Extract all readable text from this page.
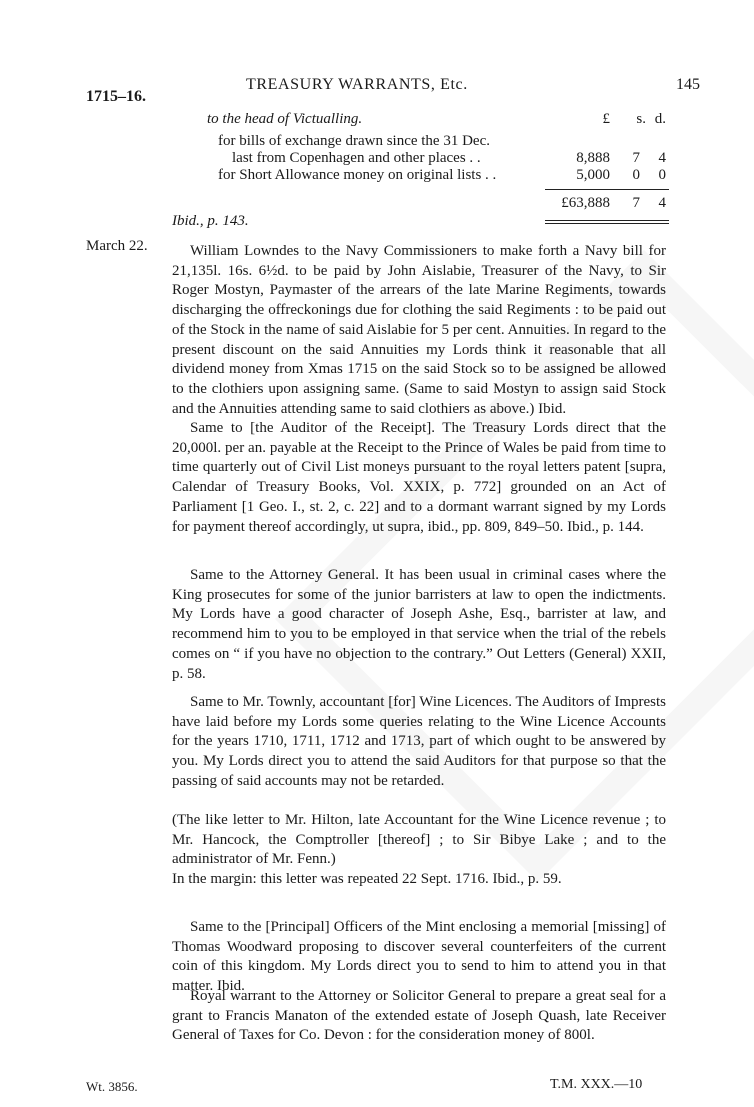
1715–16.
TREASURY WARRANTS, Etc.	145
to the head of Victualling.	£	s. d.
for bills of exchange drawn since the 31 Dec.
last from Copenhagen and other places . .	8,888	7	4
for Short Allowance money on original lists . .	5,000	0	0
£63,888	7	4
Ibid., p. 143.
March 22.	William Lowndes to the Navy Commissioners to make forth a Navy bill for 21,135l. 16s. 6½d. to be paid by John Aislabie, Treasurer of the Navy, to Sir Roger Mostyn, Paymaster of the arrears of the late Marine Regiments, towards discharging the offreckonings due for clothing the said Regiments : to be paid out of the Stock in the name of said Aislabie for 5 per cent. Annuities. In regard to the present discount on the said Annuities my Lords think it reasonable that all dividend money from Xmas 1715 on the said Stock so to be assigned be allowed to the clothiers upon assigning same. (Same to said Mostyn to assign said Stock and the Annuities attending same to said clothiers as above.) Ibid.

Same to [the Auditor of the Receipt]. The Treasury Lords direct that the 20,000l. per an. payable at the Receipt to the Prince of Wales be paid from time to time quarterly out of Civil List moneys pursuant to the royal letters patent [supra, Calendar of Treasury Books, Vol. XXIX, p. 772] grounded on an Act of Parliament [1 Geo. I., st. 2, c. 22] and to a dormant warrant signed by my Lords for payment thereof accordingly, ut supra, ibid., pp. 809, 849–50. Ibid., p. 144.

Same to the Attorney General. It has been usual in criminal cases where the King prosecutes for some of the junior barristers at law to open the indictments. My Lords have a good character of Joseph Ashe, Esq., barrister at law, and recommend him to you to be employed in that service when the trial of the rebels comes on “ if you have no objection to the contrary.” Out Letters (General) XXII, p. 58.

Same to Mr. Townly, accountant [for] Wine Licences. The Auditors of Imprests have laid before my Lords some queries relating to the Wine Licence Accounts for the years 1710, 1711, 1712 and 1713, part of which ought to be answered by you. My Lords direct you to attend the said Auditors for that purpose so that the passing of said accounts may not be retarded.

(The like letter to Mr. Hilton, late Accountant for the Wine Licence revenue ; to Mr. Hancock, the Comptroller [thereof] ; to Sir Bibye Lake ; and to the administrator of Mr. Fenn.)

In the margin: this letter was repeated 22 Sept. 1716. Ibid., p. 59.

Same to the [Principal] Officers of the Mint enclosing a memorial [missing] of Thomas Woodward proposing to discover several counterfeiters of the current coin of this kingdom. My Lords direct you to send to him to attend you in that matter. Ibid.

Royal warrant to the Attorney or Solicitor General to prepare a great seal for a grant to Francis Manaton of the extended estate of Joseph Quash, late Receiver General of Taxes for Co. Devon : for the consideration money of 800l.

Wt. 3856.	T.M. XXX.—10
